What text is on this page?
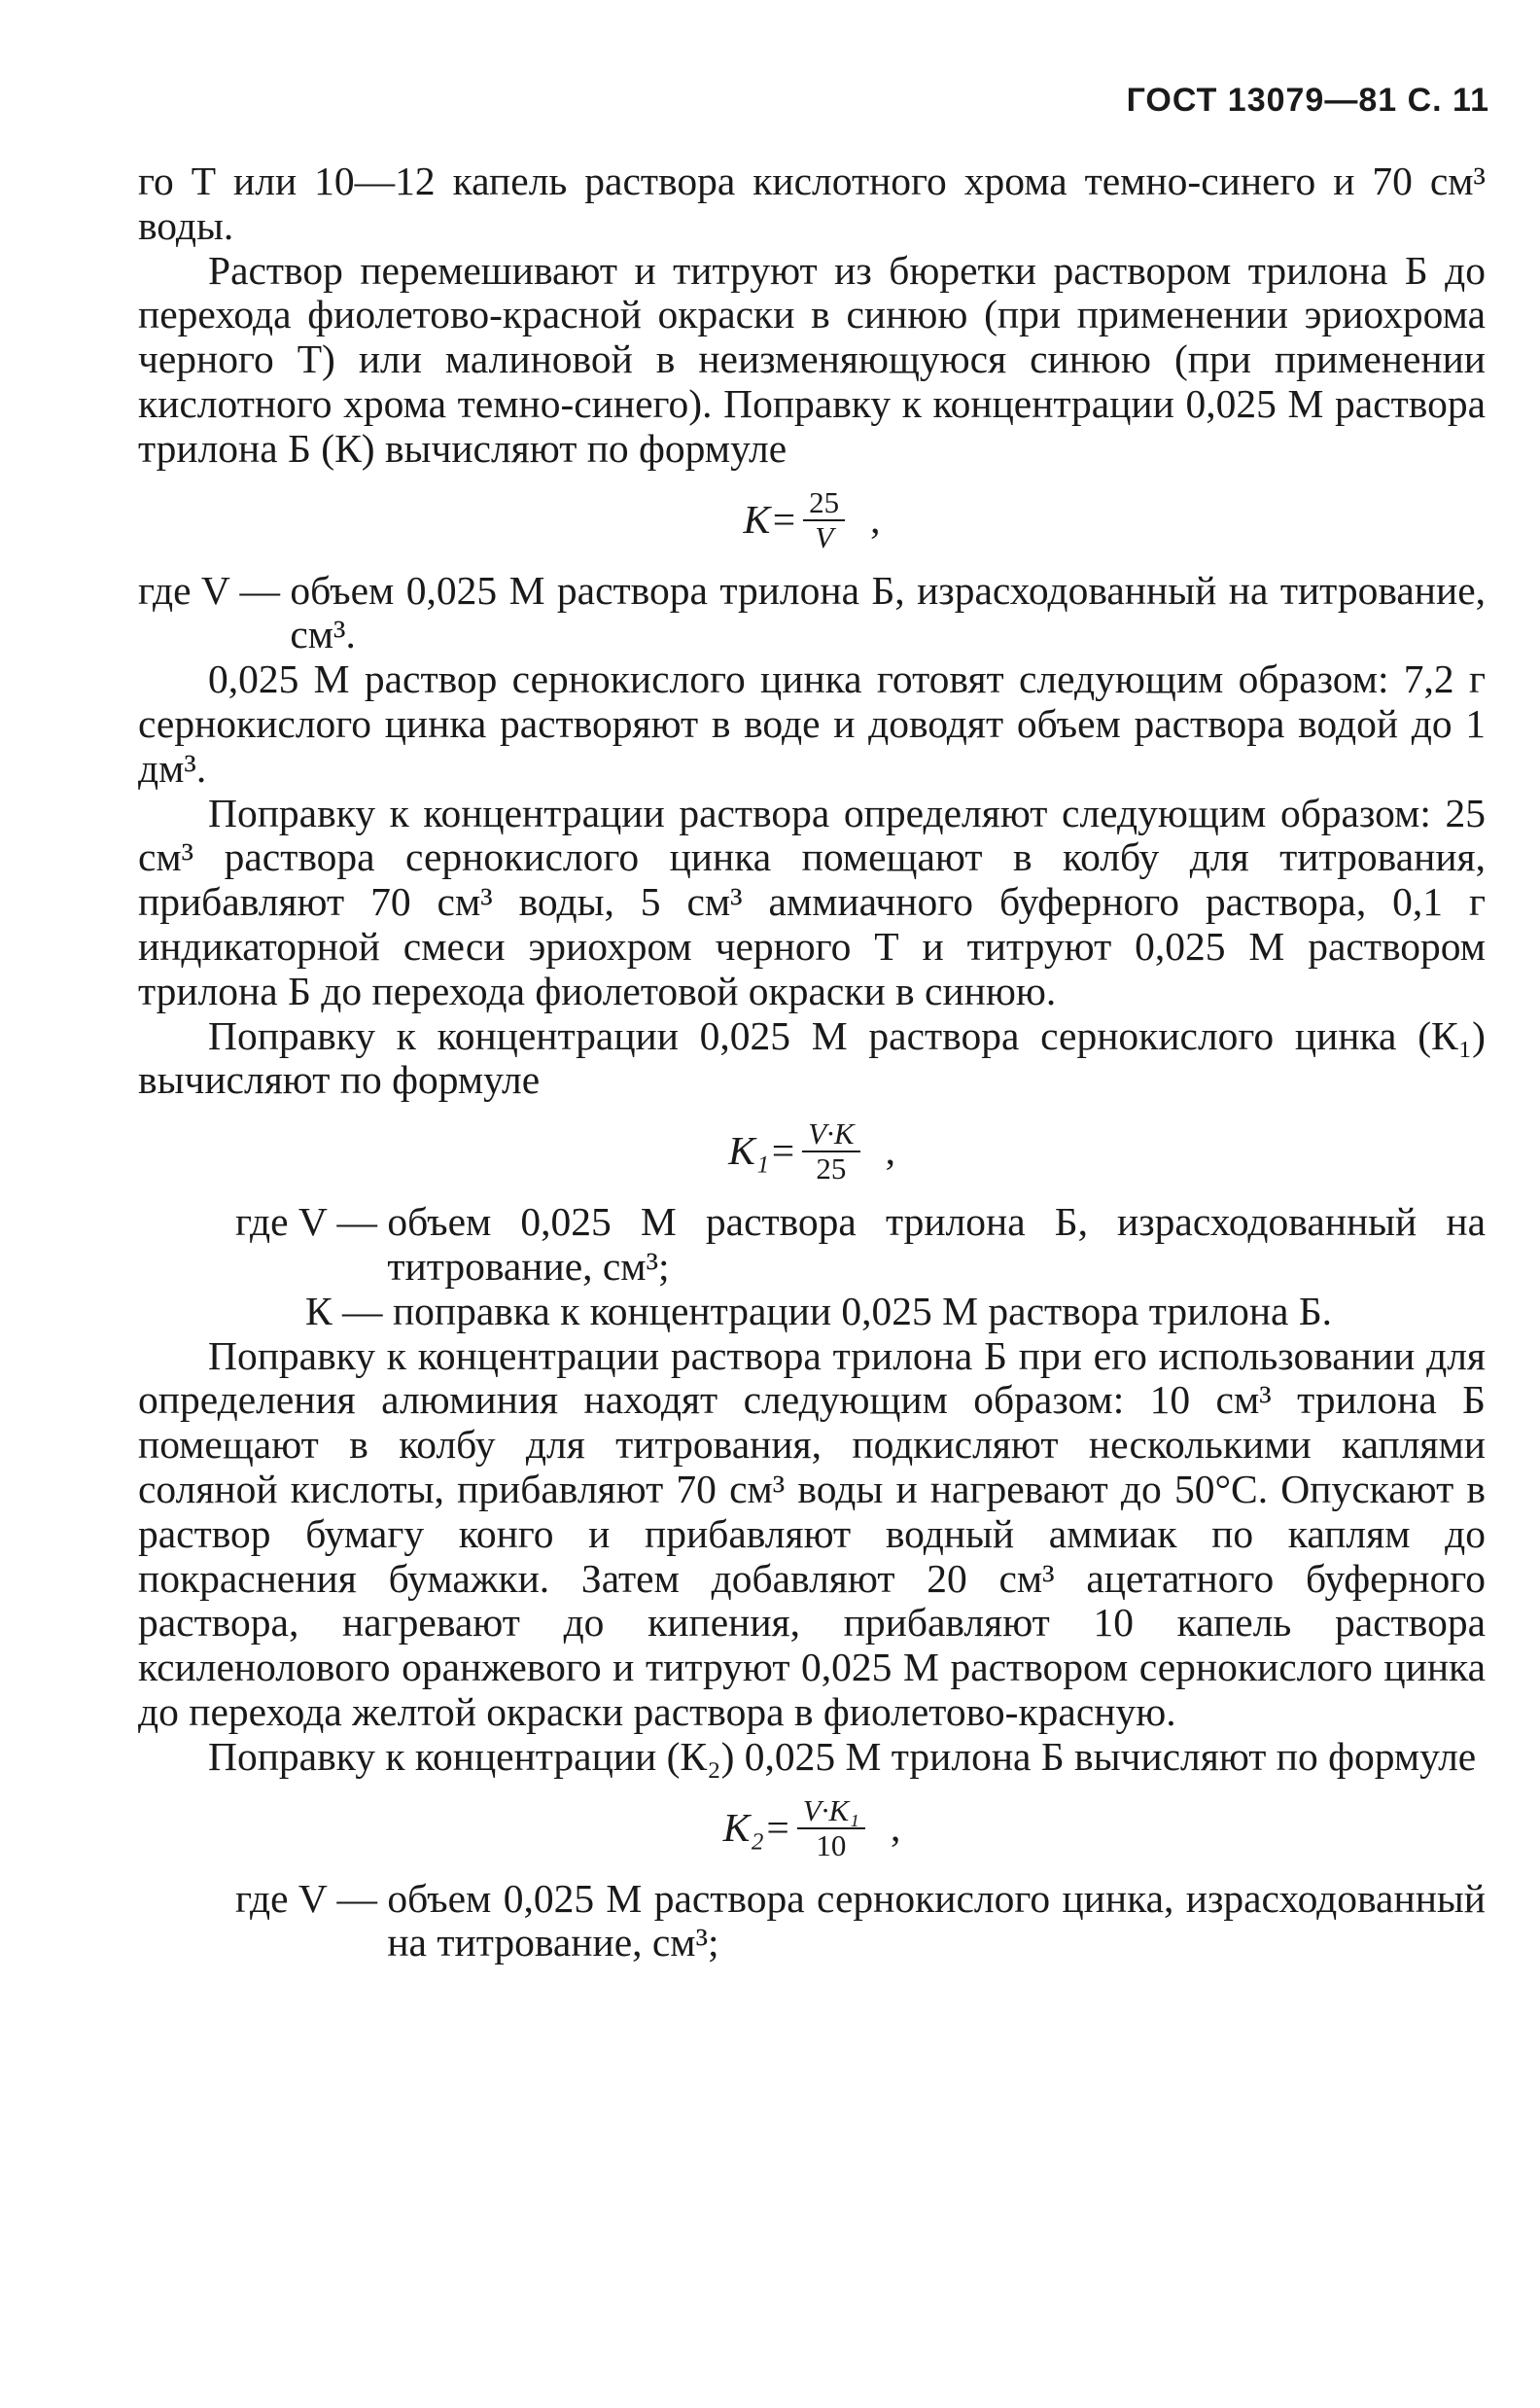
ГОСТ 13079—81 С. 11

го Т или 10—12 капель раствора кислотного хрома темно-синего и 70 см³ воды.

Раствор перемешивают и титруют из бюретки раствором трилона Б до перехода фиолетово-красной окраски в синюю (при применении эриохрома черного Т) или малиновой в неизменяющуюся синюю (при применении кислотного хрома темно-синего). Поправку к концентрации 0,025 М раствора трилона Б (К) вычисляют по формуле

$K= \frac{25}{V}$ ,
где V — объем 0,025 М раствора трилона Б, израсходованный на титрование, см³.

0,025 М раствор сернокислого цинка готовят следующим образом: 7,2 г сернокислого цинка растворяют в воде и доводят объем раствора водой до 1 дм³.

Поправку к концентрации раствора определяют следующим образом: 25 см³ раствора сернокислого цинка помещают в колбу для титрования, прибавляют 70 см³ воды, 5 см³ аммиачного буферного раствора, 0,1 г индикаторной смеси эриохром черного Т и титруют 0,025 М раствором трилона Б до перехода фиолетовой окраски в синюю.

Поправку к концентрации 0,025 М раствора сернокислого цинка (К₁) вычисляют по формуле

$K_1= \frac{V\cdot K}{25}$ ,
где V — объем 0,025 М раствора трилона Б, израсходованный на титрование, см³;
К — поправка к концентрации 0,025 М раствора трилона Б.

Поправку к концентрации раствора трилона Б при его использовании для определения алюминия находят следующим образом: 10 см³ трилона Б помещают в колбу для титрования, подкисляют несколькими каплями соляной кислоты, прибавляют 70 см³ воды и нагревают до 50°С. Опускают в раствор бумагу конго и прибавляют водный аммиак по каплям до покраснения бумажки. Затем добавляют 20 см³ ацетатного буферного раствора, нагревают до кипения, прибавляют 10 капель раствора ксиленолового оранжевого и титруют 0,025 М раствором сернокислого цинка до перехода желтой окраски раствора в фиолетово-красную.

Поправку к концентрации (К₂) 0,025 М трилона Б вычисляют по формуле

$K_2= \frac{\text{V·K₁}}{10}$ ,
где V — объем 0,025 М раствора сернокислого цинка, израсходованный на титрование, см³;
